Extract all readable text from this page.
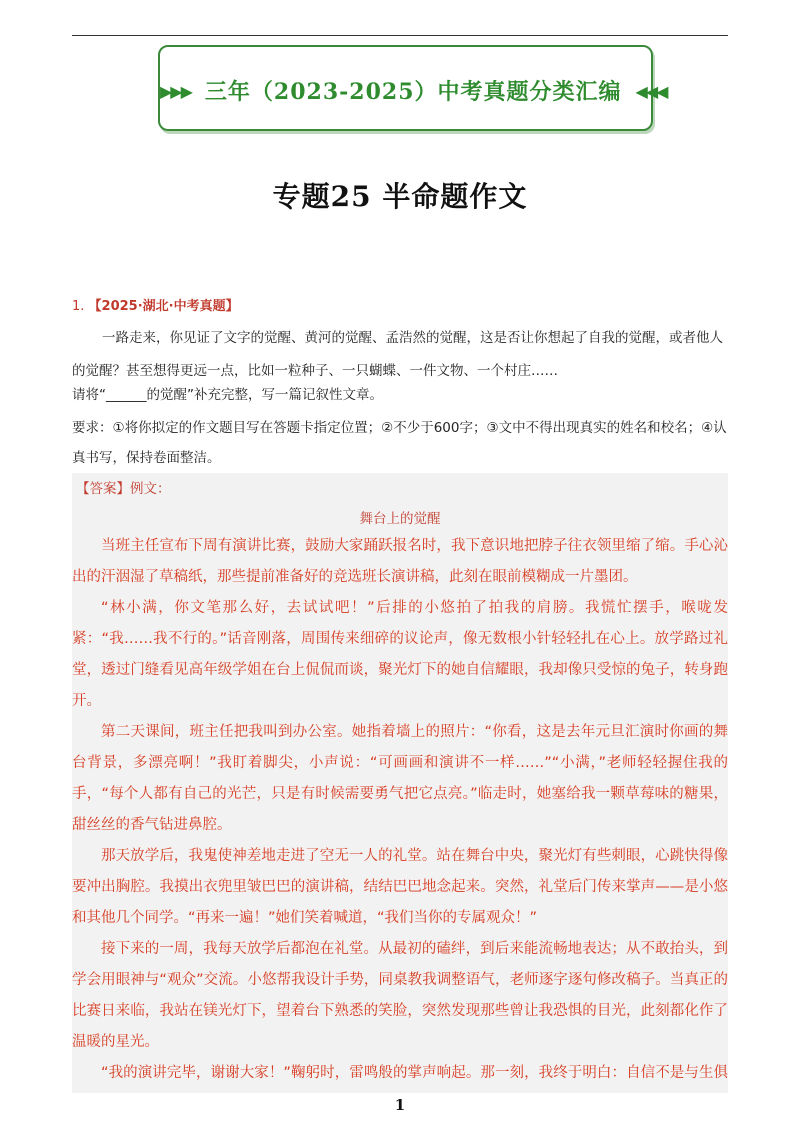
▶▶▶ 三年（2023-2025）中考真题分类汇编 ◀◀◀
专题25 半命题作文
1. 【2025·湖北·中考真题】
一路走来，你见证了文字的觉醒、黄河的觉醒、孟浩然的觉醒，这是否让你想起了自我的觉醒，或者他人的觉醒？甚至想得更远一点，比如一粒种子、一只蝴蝶、一件文物、一个村庄……
请将“______的觉醒”补充完整，写一篇记叙性文章。
要求：①将你拟定的作文题目写在答题卡指定位置；②不少于600字；③文中不得出现真实的姓名和校名；④认真书写，保持卷面整洁。
【答案】例文：
舞台上的觉醒

当班主任宣布下周有演讲比赛，鼓励大家踊跃报名时，我下意识地把脖子往衣领里缩了缩。手心沁出的汗洇湿了草稿纸，那些提前准备好的竞选班长演讲稿，此刻在眼前模糊成一片墨团。

“林小满，你文笔那么好，去试试吧！”后排的小悠拍了拍我的肩膀。我慌忙摆手，喉咙发紧：“我……我不行的。”话音刚落，周围传来细碎的议论声，像无数根小针轻轻扎在心上。放学路过礼堂，透过门缝看见高年级学姐在台上侃侃而谈，聚光灯下的她自信耀眼，我却像只受惊的兔子，转身跑开。

第二天课间，班主任把我叫到办公室。她指着墙上的照片：“你看，这是去年元旦汇演时你画的舞台背景，多漂亮啊！”我盯着脚尖，小声说：“可画画和演讲不一样……”“小满，”老师轻轻握住我的手，“每个人都有自己的光芒，只是有时候需要勇气把它点亮。”临走时，她塞给我一颗草莓味的糖果，甜丝丝的香气钻进鼻腔。

那天放学后，我鬼使神差地走进了空无一人的礼堂。站在舞台中央，聚光灯有些刺眼，心跳快得像要冲出胸腔。我摸出衣兜里皱巴巴的演讲稿，结结巴巴地念起来。突然，礼堂后门传来掌声——是小悠和其他几个同学。“再来一遍！”她们笑着喊道，“我们当你的专属观众！”

接下来的一周，我每天放学后都泡在礼堂。从最初的磕绊，到后来能流畅地表达；从不敢抬头，到学会用眼神与“观众”交流。小悠帮我设计手势，同桌教我调整语气，老师逐字逐句修改稿子。当真正的比赛日来临，我站在镁光灯下，望着台下熟悉的笑脸，突然发现那些曾让我恐惧的目光，此刻都化作了温暖的星光。

“我的演讲完毕，谢谢大家！”鞠躬时，雷鸣般的掌声响起。那一刻，我终于明白：自信不是与生俱

1
